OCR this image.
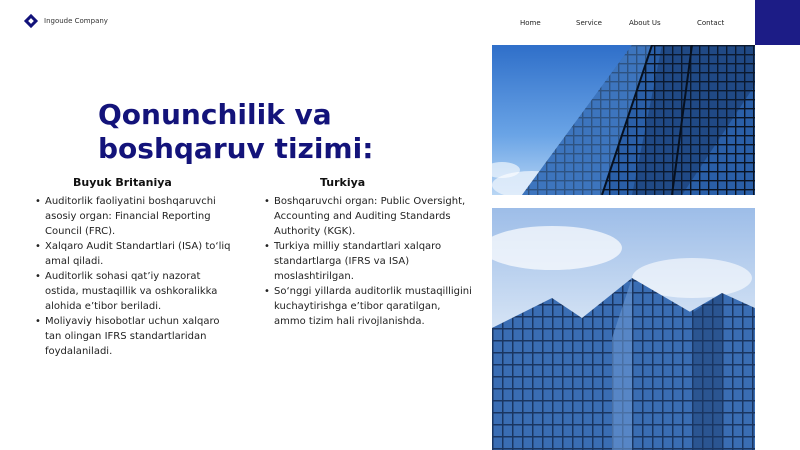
Ingoude Company	Home	Service	About Us	Contact
Qonunchilik va
boshqaruv tizimi:
Buyuk Britaniya
• Auditorlik faoliyatini boshqaruvchi asosiy organ: Financial Reporting Council (FRC).
• Xalqaro Audit Standartlari (ISA) to‘liq amal qiladi.
• Auditorlik sohasi qat’iy nazorat ostida, mustaqillik va oshkoralikka alohida e’tibor beriladi.
• Moliyaviy hisobotlar uchun xalqaro tan olingan IFRS standartlaridan foydalaniladi.
Turkiya
• Boshqaruvchi organ: Public Oversight, Accounting and Auditing Standards Authority (KGK).
• Turkiya milliy standartlari xalqaro standartlarga (IFRS va ISA) moslashtirilgan.
• So‘nggi yillarda auditorlik mustaqilligini kuchaytirishga e’tibor qaratilgan, ammo tizim hali rivojlanishda.
